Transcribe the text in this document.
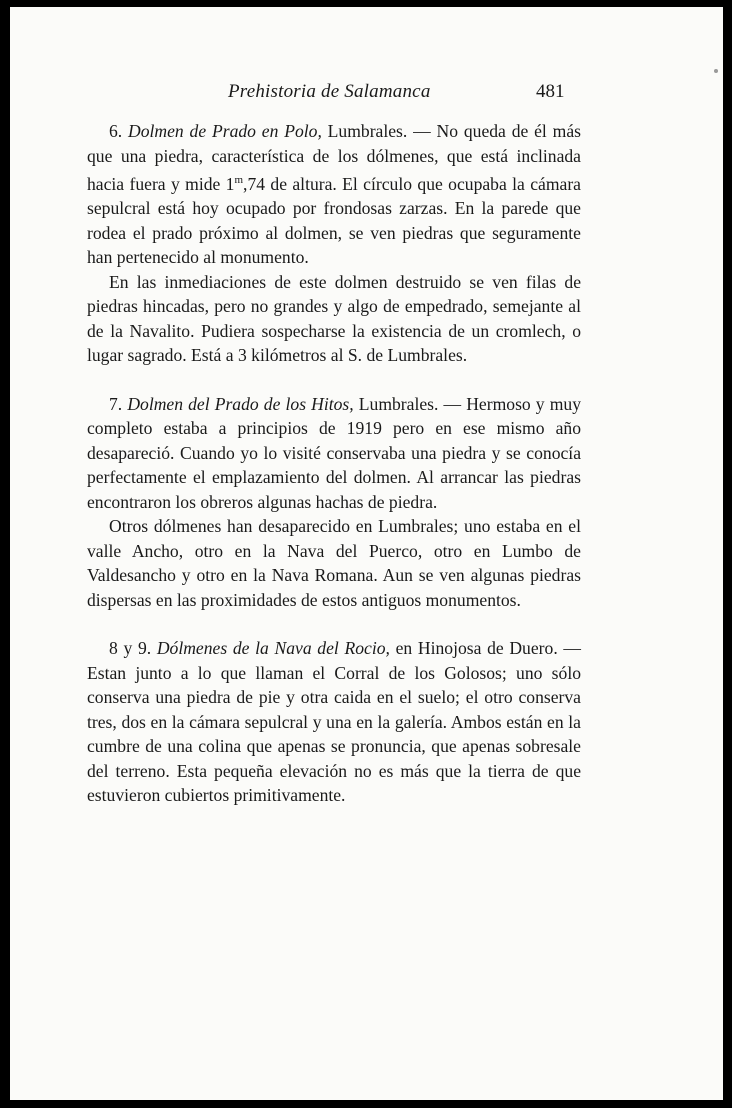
Prehistoria de Salamanca	481

6. Dolmen de Prado en Polo, Lumbrales. — No queda de él más que una piedra, característica de los dólmenes, que está inclinada hacia fuera y mide 1$^m$,74 de altura. El círculo que ocupaba la cámara sepulcral está hoy ocupado por frondosas zarzas. En la parede que rodea el prado próximo al dolmen, se ven piedras que seguramente han pertenecido al monumento.

En las inmediaciones de este dolmen destruido se ven filas de piedras hincadas, pero no grandes y algo de empedrado, semejante al de la Navalito. Pudiera sospecharse la existencia de un cromlech, o lugar sagrado. Está a 3 kilómetros al S. de Lumbrales.

7. Dolmen del Prado de los Hitos, Lumbrales. — Hermoso y muy completo estaba a principios de 1919 pero en ese mismo año desapareció. Cuando yo lo visité conservaba una piedra y se conocía perfectamente el emplazamiento del dolmen. Al arrancar las piedras encontraron los obreros algunas hachas de piedra.

Otros dólmenes han desaparecido en Lumbrales; uno estaba en el valle Ancho, otro en la Nava del Puerco, otro en Lumbo de Valdesancho y otro en la Nava Romana. Aun se ven algunas piedras dispersas en las proximidades de estos antiguos monumentos.

8 y 9. Dólmenes de la Nava del Rocio, en Hinojosa de Duero. — Estan junto a lo que llaman el Corral de los Golosos; uno sólo conserva una piedra de pie y otra caida en el suelo; el otro conserva tres, dos en la cámara sepulcral y una en la galería. Ambos están en la cumbre de una colina que apenas se pronuncia, que apenas sobresale del terreno. Esta pequeña elevación no es más que la tierra de que estuvieron cubiertos primitivamente.
